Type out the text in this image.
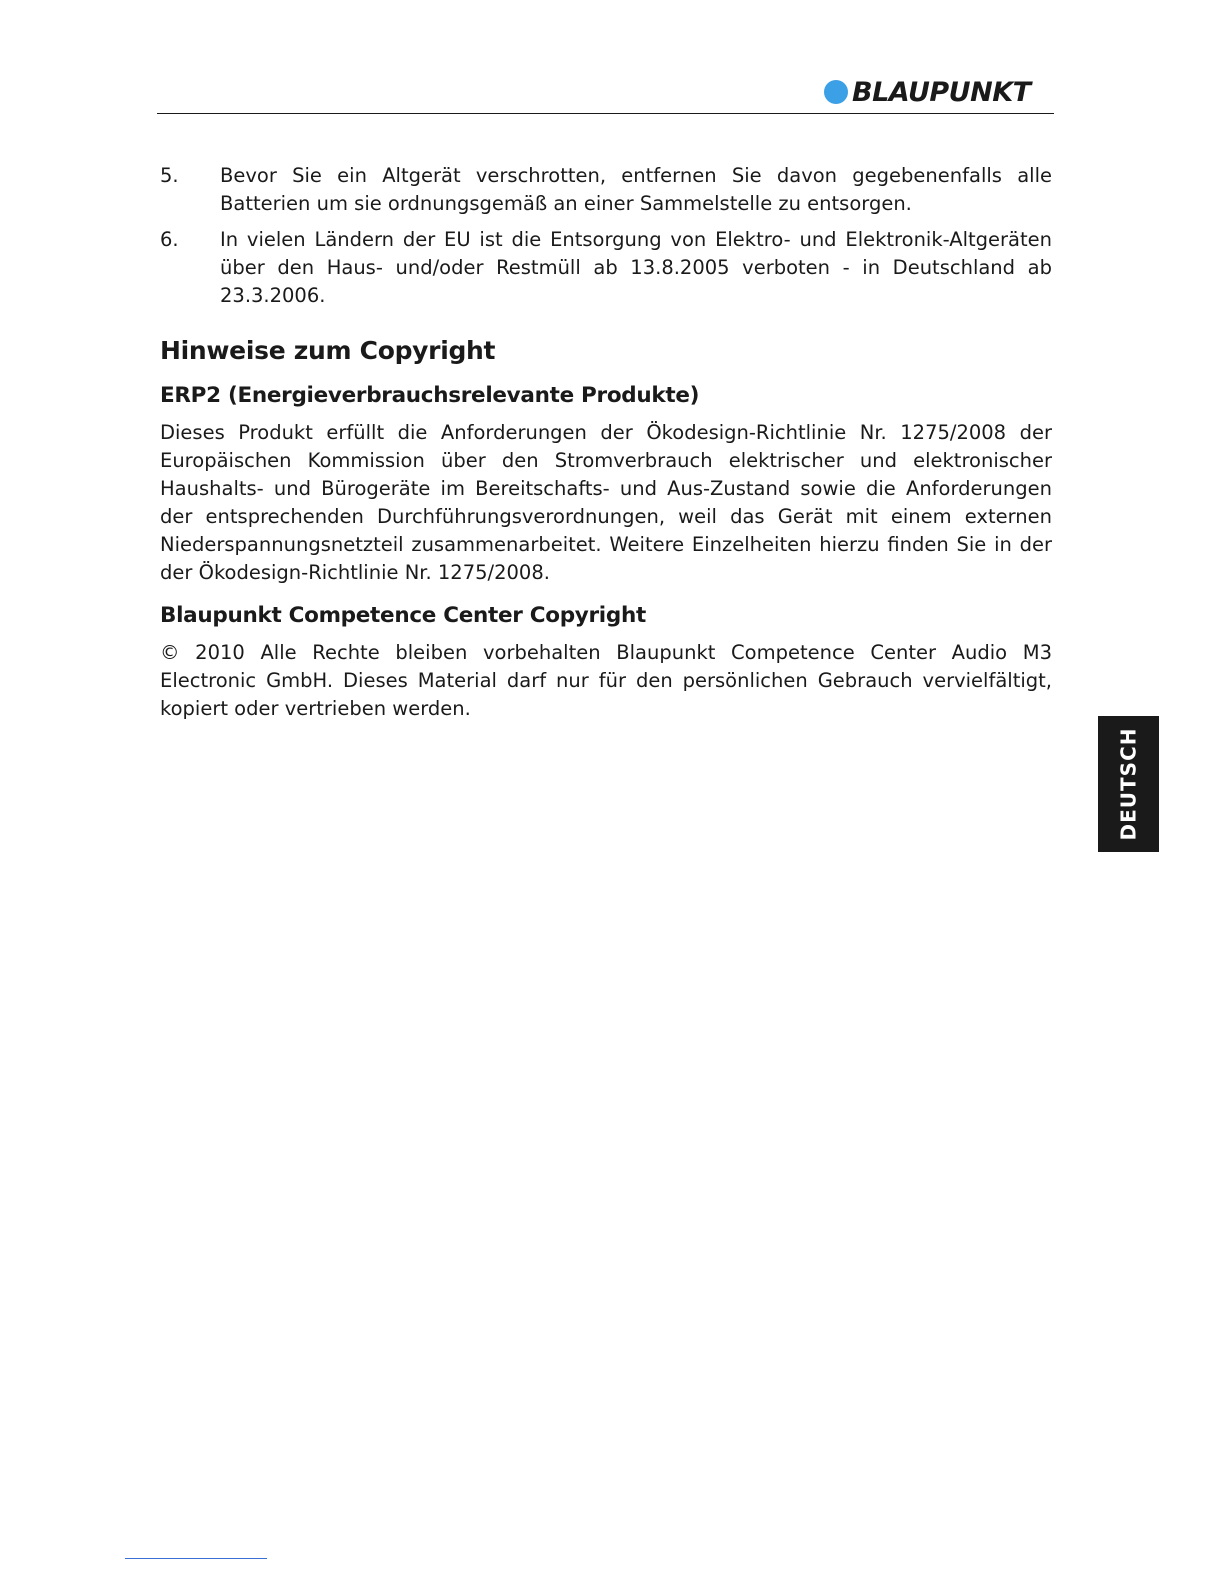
BLAUPUNKT
5.	Bevor Sie ein Altgerät verschrotten, entfernen Sie davon gegebenenfalls alle Batterien um sie ordnungsgemäß an einer Sammelstelle zu entsorgen.
6.	In vielen Ländern der EU ist die Entsorgung von Elektro- und Elektronik-Altgeräten über den Haus- und/oder Restmüll ab 13.8.2005 verboten - in Deutschland ab 23.3.2006.
Hinweise zum Copyright
ERP2 (Energieverbrauchsrelevante Produkte)

Dieses Produkt erfüllt die Anforderungen der Ökodesign-Richtlinie Nr. 1275/2008 der Europäischen Kommission über den Stromverbrauch elektrischer und elektronischer Haushalts- und Bürogeräte im Bereitschafts- und Aus-Zustand sowie die Anforderungen der entsprechenden Durchführungsverordnungen, weil das Gerät mit einem externen Niederspannungsnetzteil zusammenarbeitet. Weitere Einzelheiten hierzu finden Sie in der der Ökodesign-Richtlinie Nr. 1275/2008.

Blaupunkt Competence Center Copyright

© 2010 Alle Rechte bleiben vorbehalten Blaupunkt Competence Center Audio M3 Electronic GmbH. Dieses Material darf nur für den persönlichen Gebrauch vervielfältigt, kopiert oder vertrieben werden.

DEUTSCH
